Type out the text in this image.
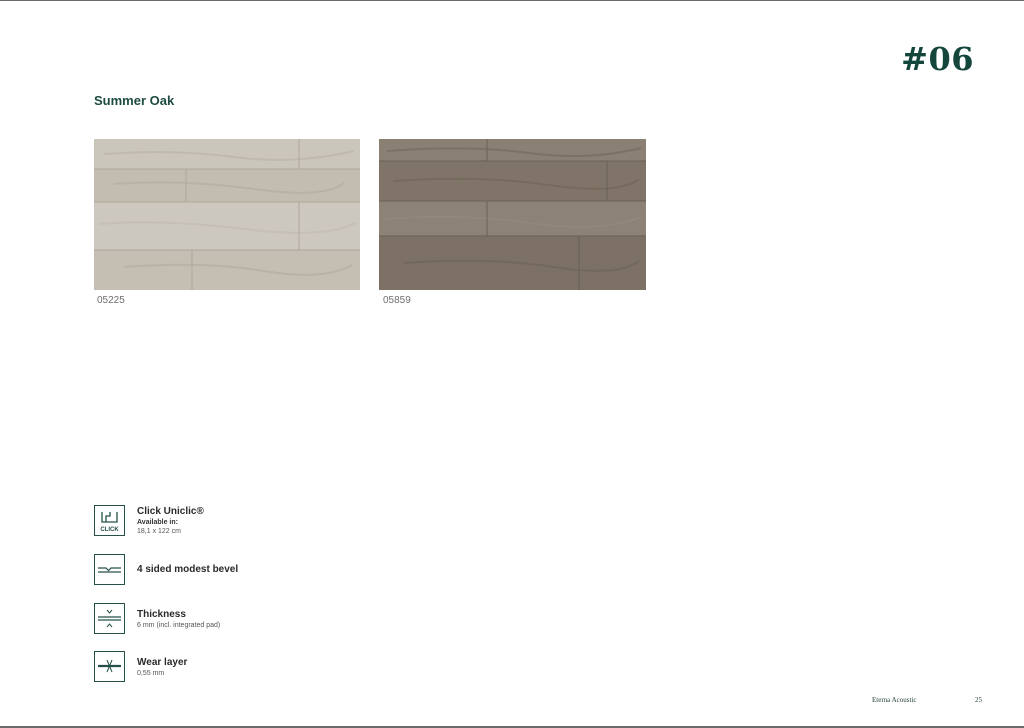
#06
Summer Oak
05225	05859
CLICK
Click Uniclic®
Available in:
18,1 x 122 cm
4 sided modest bevel
Thickness
6 mm (incl. integrated pad)
Wear layer
0,55 mm
Eterna Acoustic	25
